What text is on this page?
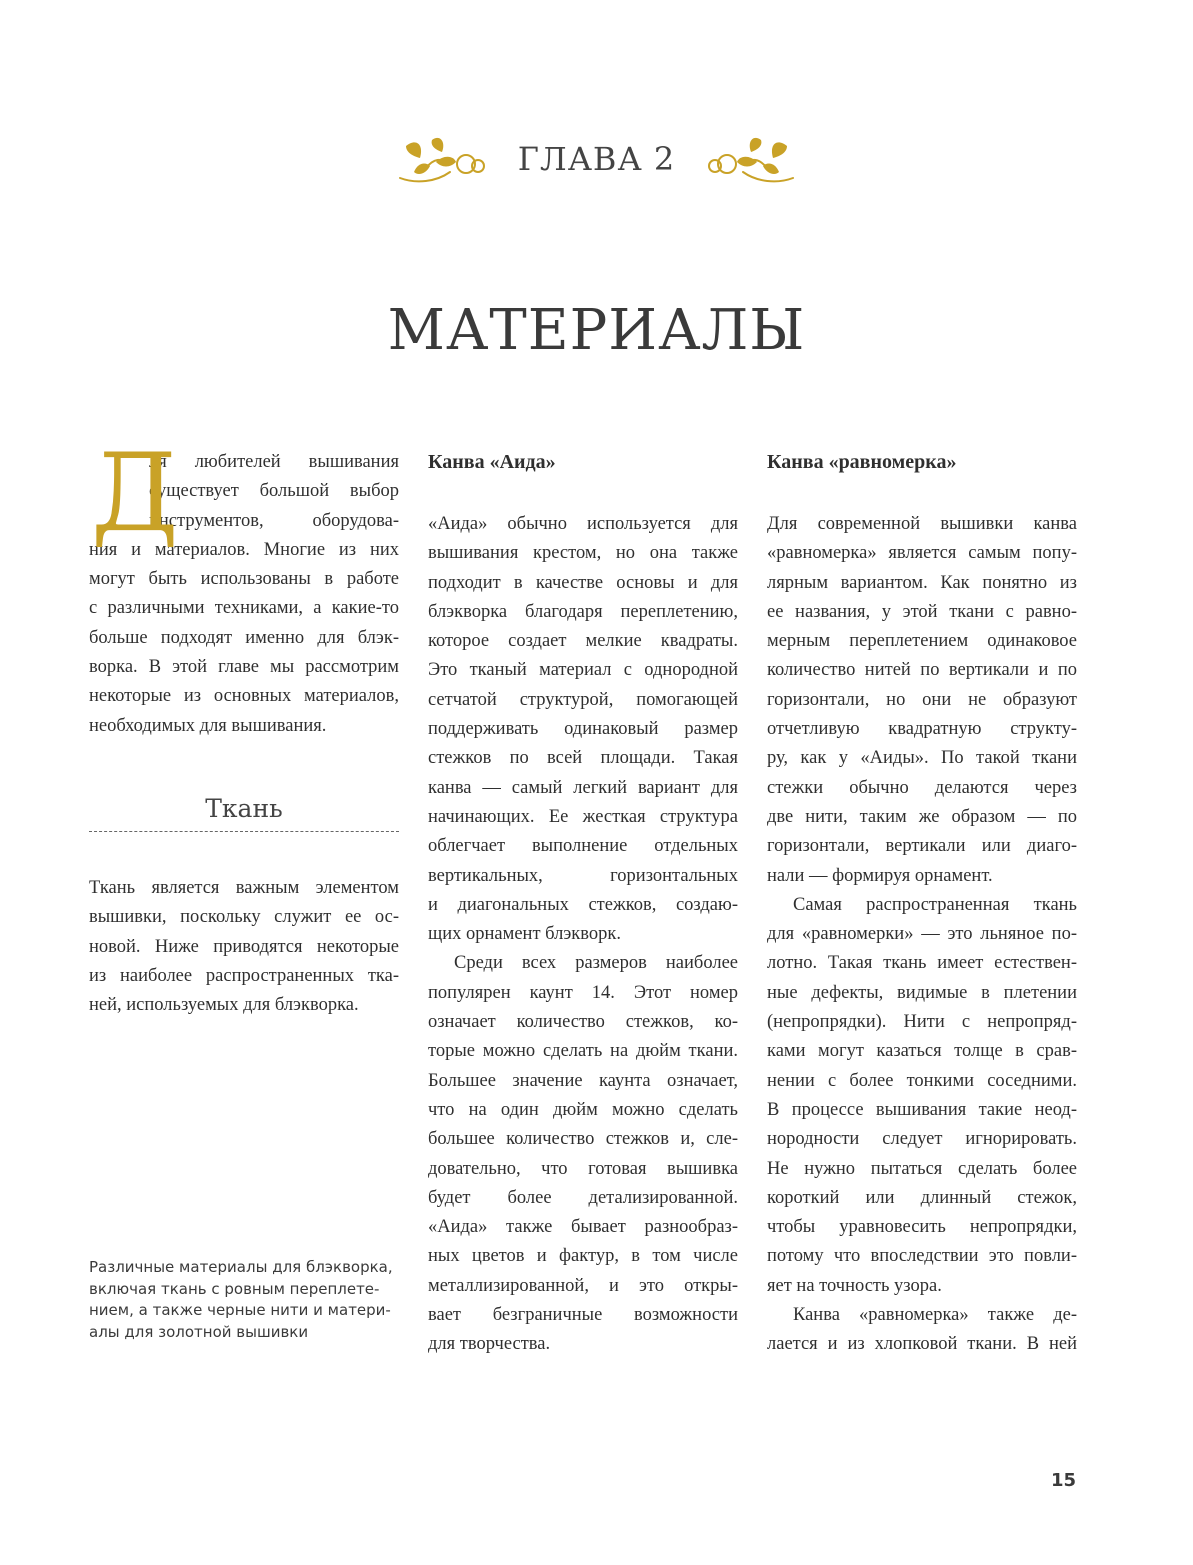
ГЛАВА 2
МАТЕРИАЛЫ
Д
ля любителей вышивания
существует большой выбор
инструментов, оборудова-
ния и материалов. Многие из них
могут быть использованы в работе
с различными техниками, а какие-то
больше подходят именно для блэк-
ворка. В этой главе мы рассмотрим
некоторые из основных материалов,
необходимых для вышивания.
Ткань
Ткань является важным элементом
вышивки, поскольку служит ее ос-
новой. Ниже приводятся некоторые
из наиболее распространенных тка-
ней, используемых для блэкворка.
Различные материалы для блэкворка,
включая ткань с ровным переплете-
нием, а также черные нити и матери-
алы для золотной вышивки
Канва «Аида»
«Аида» обычно используется для
вышивания крестом, но она также
подходит в качестве основы и для
блэкворка благодаря переплетению,
которое создает мелкие квадраты.
Это тканый материал с однородной
сетчатой структурой, помогающей
поддерживать одинаковый размер
стежков по всей площади. Такая
канва — самый легкий вариант для
начинающих. Ее жесткая структура
облегчает выполнение отдельных
вертикальных, горизонтальных
и диагональных стежков, создаю-
щих орнамент блэкворк.
Среди всех размеров наиболее
популярен каунт 14. Этот номер
означает количество стежков, ко-
торые можно сделать на дюйм ткани.
Большее значение каунта означает,
что на один дюйм можно сделать
большее количество стежков и, сле-
довательно, что готовая вышивка
будет более детализированной.
«Аида» также бывает разнообраз-
ных цветов и фактур, в том числе
металлизированной, и это откры-
вает безграничные возможности
для творчества.
Канва «равномерка»
Для современной вышивки канва
«равномерка» является самым попу-
лярным вариантом. Как понятно из
ее названия, у этой ткани с равно-
мерным переплетением одинаковое
количество нитей по вертикали и по
горизонтали, но они не образуют
отчетливую квадратную структу-
ру, как у «Аиды». По такой ткани
стежки обычно делаются через
две нити, таким же образом — по
горизонтали, вертикали или диаго-
нали — формируя орнамент.
Самая распространенная ткань
для «равномерки» — это льняное по-
лотно. Такая ткань имеет естествен-
ные дефекты, видимые в плетении
(непропрядки). Нити с непропряд-
ками могут казаться толще в срав-
нении с более тонкими соседними.
В процессе вышивания такие неод-
нородности следует игнорировать.
Не нужно пытаться сделать более
короткий или длинный стежок,
чтобы уравновесить непропрядки,
потому что впоследствии это повли-
яет на точность узора.
Канва «равномерка» также де-
лается и из хлопковой ткани. В ней
15
